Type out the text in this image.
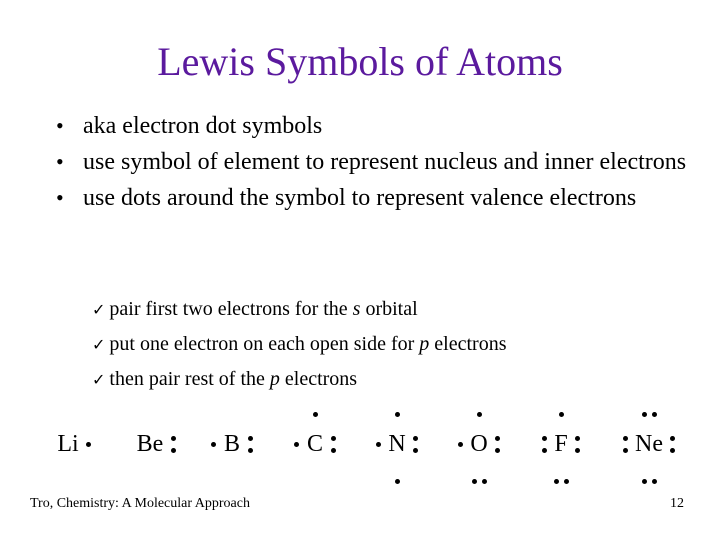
Lewis Symbols of Atoms
• aka electron dot symbols
• use symbol of element to represent nucleus and inner electrons
• use dots around the symbol to represent valence electrons
✓ pair first two electrons for the s orbital
✓ put one electron on each open side for p electrons
✓ then pair rest of the p electrons
Li Be	B	C	N	O	F	Ne
Tro, Chemistry: A Molecular Approach	12
